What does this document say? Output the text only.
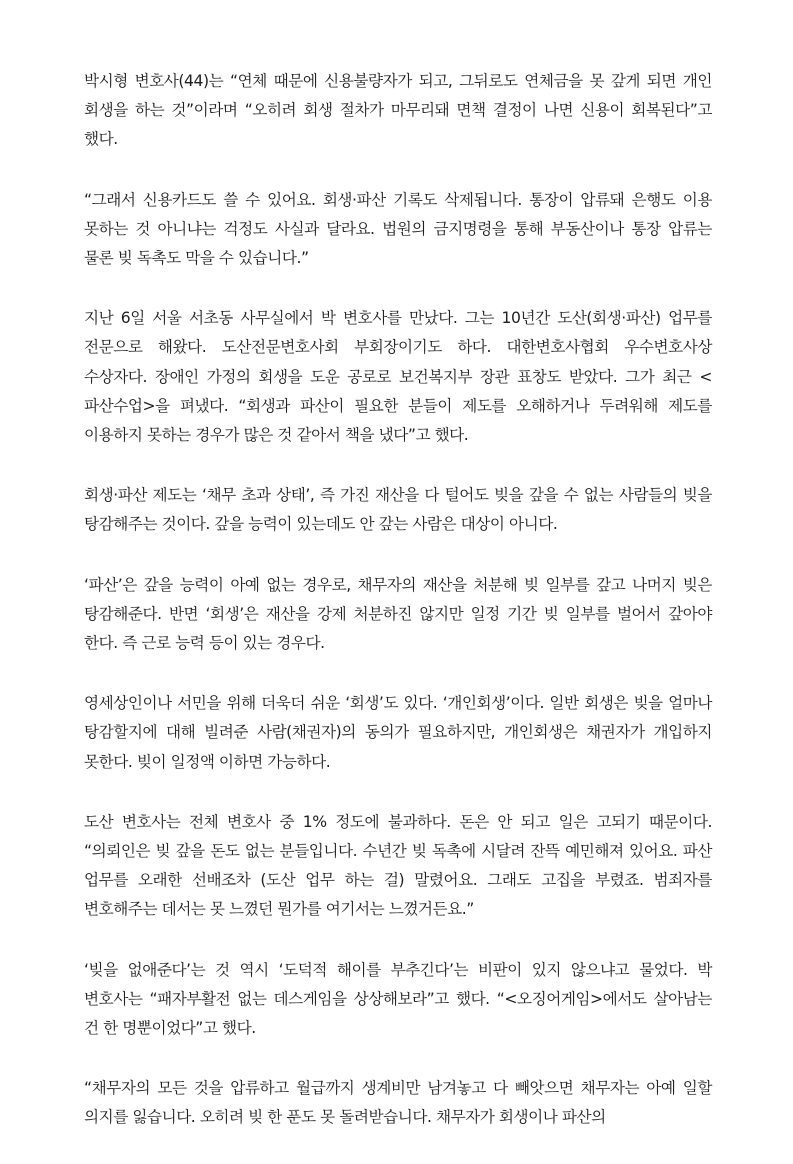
박시형 변호사(44)는 “연체 때문에 신용불량자가 되고, 그뒤로도 연체금을 못 갚게 되면 개인 회생을 하는 것”이라며 “오히려 회생 절차가 마무리돼 면책 결정이 나면 신용이 회복된다”고 했다.

“그래서 신용카드도 쓸 수 있어요. 회생·파산 기록도 삭제됩니다. 통장이 압류돼 은행도 이용 못하는 것 아니냐는 걱정도 사실과 달라요. 법원의 금지명령을 통해 부동산이나 통장 압류는 물론 빚 독촉도 막을 수 있습니다.”

지난 6일 서울 서초동 사무실에서 박 변호사를 만났다. 그는 10년간 도산(회생·파산) 업무를 전문으로 해왔다. 도산전문변호사회 부회장이기도 하다. 대한변호사협회 우수변호사상 수상자다. 장애인 가정의 회생을 도운 공로로 보건복지부 장관 표창도 받았다. 그가 최근 <파산수업>을 펴냈다. “회생과 파산이 필요한 분들이 제도를 오해하거나 두려워해 제도를 이용하지 못하는 경우가 많은 것 같아서 책을 냈다”고 했다.

회생·파산 제도는 ‘채무 초과 상태’, 즉 가진 재산을 다 털어도 빚을 갚을 수 없는 사람들의 빚을 탕감해주는 것이다. 갚을 능력이 있는데도 안 갚는 사람은 대상이 아니다.

‘파산’은 갚을 능력이 아예 없는 경우로, 채무자의 재산을 처분해 빚 일부를 갚고 나머지 빚은 탕감해준다. 반면 ‘회생’은 재산을 강제 처분하진 않지만 일정 기간 빚 일부를 벌어서 갚아야 한다. 즉 근로 능력 등이 있는 경우다.

영세상인이나 서민을 위해 더욱더 쉬운 ‘회생’도 있다. ‘개인회생’이다. 일반 회생은 빚을 얼마나 탕감할지에 대해 빌려준 사람(채권자)의 동의가 필요하지만, 개인회생은 채권자가 개입하지 못한다. 빚이 일정액 이하면 가능하다.

도산 변호사는 전체 변호사 중 1% 정도에 불과하다. 돈은 안 되고 일은 고되기 때문이다. “의뢰인은 빚 갚을 돈도 없는 분들입니다. 수년간 빚 독촉에 시달려 잔뜩 예민해져 있어요. 파산 업무를 오래한 선배조차 (도산 업무 하는 걸) 말렸어요. 그래도 고집을 부렸죠. 범죄자를 변호해주는 데서는 못 느꼈던 뭔가를 여기서는 느꼈거든요.”

‘빚을 없애준다’는 것 역시 ‘도덕적 해이를 부추긴다’는 비판이 있지 않으냐고 물었다. 박 변호사는 “패자부활전 없는 데스게임을 상상해보라”고 했다. “<오징어게임>에서도 살아남는 건 한 명뿐이었다”고 했다.

“채무자의 모든 것을 압류하고 월급까지 생계비만 남겨놓고 다 빼앗으면 채무자는 아예 일할 의지를 잃습니다. 오히려 빚 한 푼도 못 돌려받습니다. 채무자가 회생이나 파산의
